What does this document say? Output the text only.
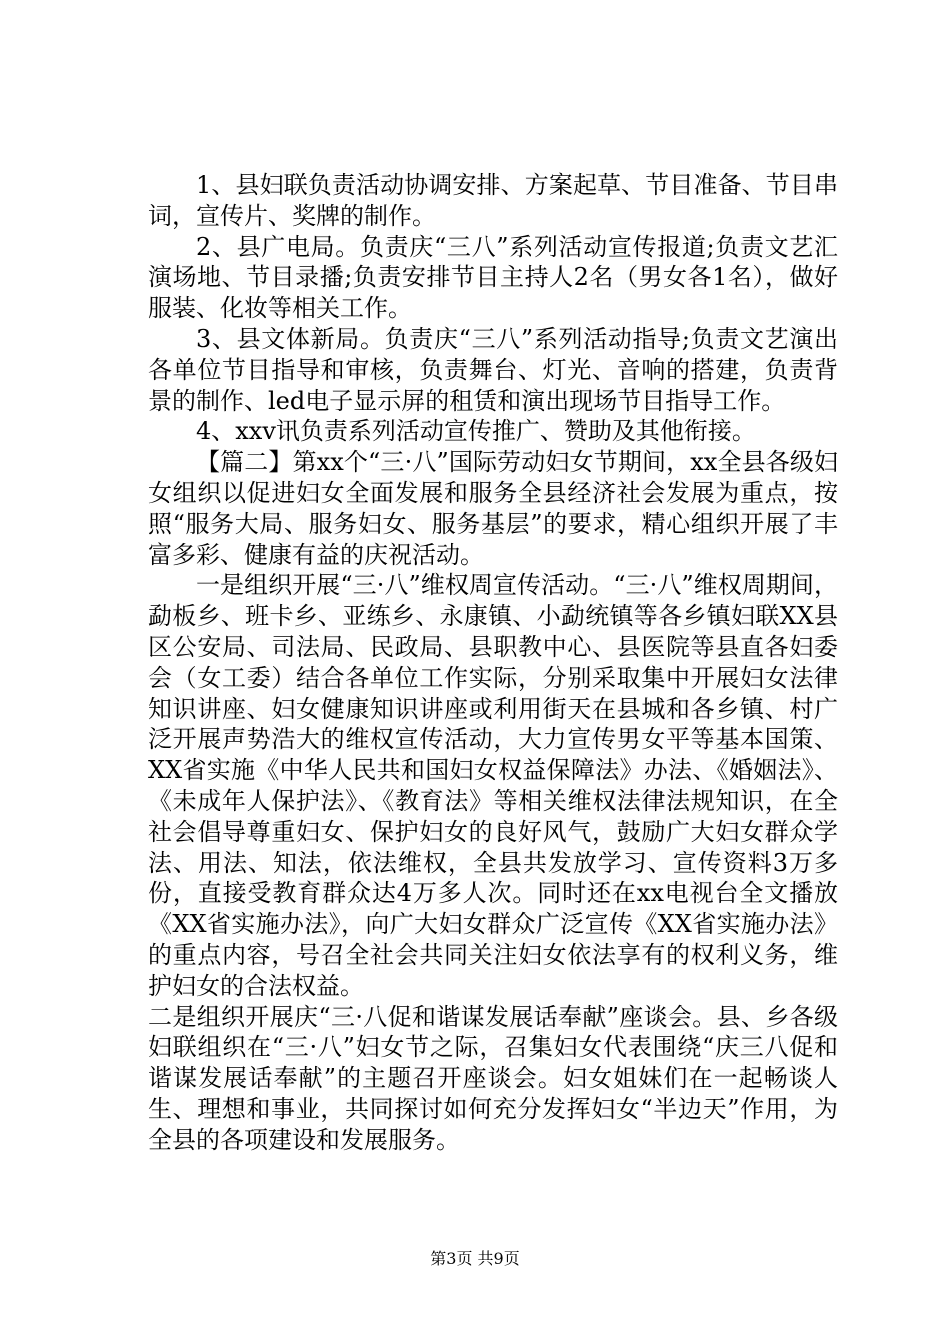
1、县妇联负责活动协调安排、方案起草、节目准备、节目串词，宣传片、奖牌的制作。

2、县广电局。负责庆“三八”系列活动宣传报道;负责文艺汇演场地、节目录播;负责安排节目主持人2名（男女各1名），做好服装、化妆等相关工作。

3、县文体新局。负责庆“三八”系列活动指导;负责文艺演出各单位节目指导和审核，负责舞台、灯光、音响的搭建，负责背景的制作、led电子显示屏的租赁和演出现场节目指导工作。

4、xxv讯负责系列活动宣传推广、赞助及其他衔接。

【篇二】第xx个“三·八”国际劳动妇女节期间，xx全县各级妇女组织以促进妇女全面发展和服务全县经济社会发展为重点，按照“服务大局、服务妇女、服务基层”的要求，精心组织开展了丰富多彩、健康有益的庆祝活动。

一是组织开展“三·八”维权周宣传活动。“三·八”维权周期间，勐板乡、班卡乡、亚练乡、永康镇、小勐统镇等各乡镇妇联XX县区公安局、司法局、民政局、县职教中心、县医院等县直各妇委会（女工委）结合各单位工作实际，分别采取集中开展妇女法律知识讲座、妇女健康知识讲座或利用街天在县城和各乡镇、村广泛开展声势浩大的维权宣传活动，大力宣传男女平等基本国策、XX省实施《中华人民共和国妇女权益保障法》办法、《婚姻法》、《未成年人保护法》、《教育法》等相关维权法律法规知识，在全社会倡导尊重妇女、保护妇女的良好风气，鼓励广大妇女群众学法、用法、知法，依法维权，全县共发放学习、宣传资料3万多份，直接受教育群众达4万多人次。同时还在xx电视台全文播放《XX省实施办法》，向广大妇女群众广泛宣传《XX省实施办法》的重点内容，号召全社会共同关注妇女依法享有的权利义务，维护妇女的合法权益。

二是组织开展庆“三·八促和谐谋发展话奉献”座谈会。县、乡各级妇联组织在“三·八”妇女节之际，召集妇女代表围绕“庆三八促和谐谋发展话奉献”的主题召开座谈会。妇女姐妹们在一起畅谈人生、理想和事业，共同探讨如何充分发挥妇女“半边天”作用，为全县的各项建设和发展服务。

第3页 共9页
